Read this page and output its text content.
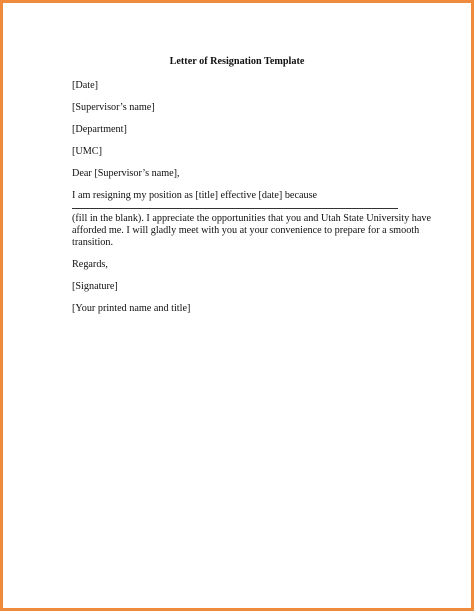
Letter of Resignation Template

[Date]

[Supervisor’s name]

[Department]

[UMC]

Dear [Supervisor’s name],

I am resigning my position as [title] effective [date] because

(fill in the blank). I appreciate the opportunities that you and Utah State University have

afforded me. I will gladly meet with you at your convenience to prepare for a smooth

transition.

Regards,

[Signature]

[Your printed name and title]
